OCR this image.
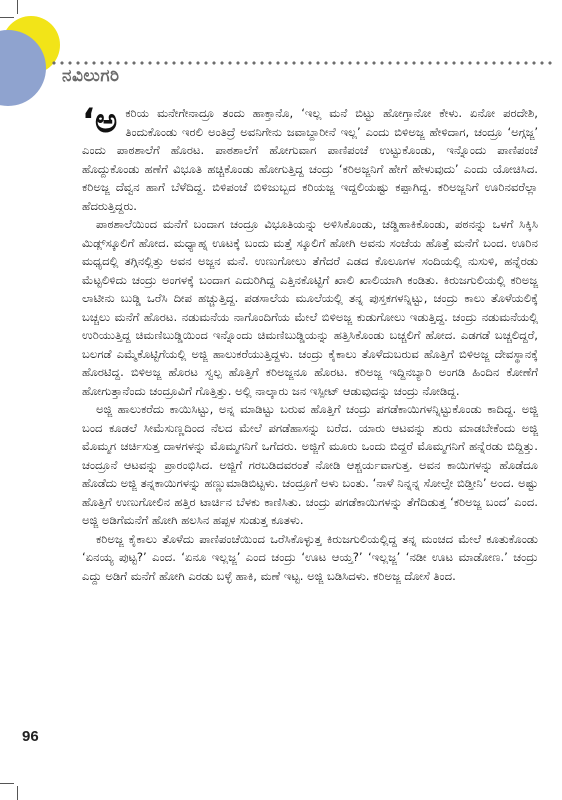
ನವಿಲುಗರಿ

‘ಅಕರಿಯ ಮನೇಗೇನಾದ್ರೂ ತಂದು ಹಾಕ್ತಾನೊ, ‘ಇಲ್ಲ ಮನೆ ಬಿಟ್ಟು ಹೋಗ್ತಾನೋ ಕೇಳು. ಏನೋ ಪರದೇಶಿ, ತಿಂದುಕೊಂಡು ಇರಲಿ ಅಂತಿದ್ರೆ ಅವನಿಗೇನು ಜವಾಬ್ದಾರೀನೆ ಇಲ್ಲ’ ಎಂದು ಬಿಳಿಅಜ್ಜ ಹೇಳಿದಾಗ, ಚಂದ್ರೂ ‘ಅಗ್ಗಜ್ಜ’ ಎಂದು ಪಾಠಶಾಲೆಗೆ ಹೊರಟ. ಪಾಠಶಾಲೆಗೆ ಹೋಗುವಾಗ ಪಾಣಿಪಂಚೆ ಉಟ್ಟುಕೊಂಡು, ಇನ್ನೊಂದು ಪಾಣಿಪಂಚೆ ಹೊದ್ದುಕೊಂಡು ಹಣೆಗೆ ವಿಭೂತಿ ಹಚ್ಚಿಕೊಂಡು ಹೋಗುತ್ತಿದ್ದ ಚಂದ್ರು ‘ಕರಿಅಜ್ಜನಿಗೆ ಹೇಗೆ ಹೇಳುವುದು’ ಎಂದು ಯೋಚಿಸಿದ. ಕರಿಅಜ್ಜ ದೆವ್ವನ ಹಾಗೆ ಬೆಳೆದಿದ್ದ. ಬಿಳಿಪಂಚೆ ಬಿಳಿಜುಬ್ಬದ ಕರಿಯಜ್ಜ ಇದ್ದಲಿಯಷ್ಟು ಕಪ್ಪಾಗಿದ್ದ. ಕರಿಅಜ್ಜನಿಗೆ ಊರಿನವರೆಲ್ಲಾ ಹೆದರುತ್ತಿದ್ದರು.

ಪಾಠಶಾಲೆಯಿಂದ ಮನೆಗೆ ಬಂದಾಗ ಚಂದ್ರೂ ವಿಭೂತಿಯನ್ನು ಅಳಿಸಿಕೊಂಡು, ಚಡ್ಡಿಹಾಕಿಕೊಂಡು, ಪಠನನ್ನು ಒಳಗೆ ಸಿಕ್ಕಿಸಿ ಮಿಡ್ಲ್‌ಸ್ಕೂಲಿಗೆ ಹೋದ. ಮಧ್ಯಾಹ್ನ ಊಟಕ್ಕೆ ಬಂದು ಮತ್ತೆ ಸ್ಕೂಲಿಗೆ ಹೋಗಿ ಅವನು ಸಂಜೆಯ ಹೊತ್ತೆ ಮನೆಗೆ ಬಂದ. ಊರಿನ ಮಧ್ಯದಲ್ಲಿ ತಗ್ಗಿನಲ್ಲಿತ್ತು ಅವನ ಅಜ್ಜನ ಮನೆ. ಉಣುಗೋಲು ತೆಗೆದರೆ ಎಡದ ಕೊಲೂಗಳ ಸಂದಿಯಲ್ಲಿ ನುಸುಳಿ, ಹನ್ನೆರಡು ಮೆಟ್ಟಲಿಳಿದು ಚಂದ್ರು ಅಂಗಳಕ್ಕೆ ಬಂದಾಗ ಎದುರಿಗಿದ್ದ ಎತ್ತಿನಕೊಟ್ಟಿಗೆ ಖಾಲಿ ಖಾಲಿಯಾಗಿ ಕಂಡಿತು. ಕಿರುಜಗುಲಿಯಲ್ಲಿ ಕರಿಅಜ್ಜ ಲಾಟೀನು ಬುಡ್ಡಿ ಒರೆಸಿ ದೀಪ ಹಚ್ಚುತ್ತಿದ್ದ. ಪಡಸಾಲೆಯ ಮೂಲೆಯಲ್ಲಿ ತನ್ನ ಪುಸ್ತಕಗಳನ್ನಿಟ್ಟು, ಚಂದ್ರು ಕಾಲು ತೊಳೆಯಲಿಕ್ಕೆ ಬಚ್ಚಲು ಮನೆಗೆ ಹೊರಟ. ನಡುಮನೆಯ ನಾಗೊಂದಿಗೆಯ ಮೇಲೆ ಬಿಳಿಅಜ್ಜ ಕುಡುಗೋಲು ಇಡುತ್ತಿದ್ದ. ಚಂದ್ರು ನಡುಮನೆಯಲ್ಲಿ ಉರಿಯುತ್ತಿದ್ದ ಚಿಮಣಿಬುಡ್ಡಿಯಿಂದ ಇನ್ನೊಂದು ಚಿಮಣಿಬುಡ್ಡಿಯನ್ನು ಹತ್ತಿಸಿಕೊಂಡು ಬಚ್ಚಲಿಗೆ ಹೋದ. ಎಡಗಡೆ ಬಚ್ಚಲಿದ್ದರೆ, ಬಲಗಡೆ ಎಮ್ಮೆಕೊಟ್ಟಿಗೆಯಲ್ಲಿ ಅಜ್ಜಿ ಹಾಲುಕರೆಯುತ್ತಿದ್ದಳು. ಚಂದ್ರು ಕೈಕಾಲು ತೊಳೆದುಬರುವ ಹೊತ್ತಿಗೆ ಬಿಳಿಅಜ್ಜ ದೇವಸ್ಥಾನಕ್ಕೆ ಹೊರಟಿದ್ದ. ಬಿಳಿಅಜ್ಜ ಹೊರಟ ಸ್ವಲ್ಪ ಹೊತ್ತಿಗೆ ಕರಿಅಜ್ಜನೂ ಹೊರಟ. ಕರಿಅಜ್ಜ ಇದ್ದಿನಬ್ಯಾರಿ ಅಂಗಡಿ ಹಿಂದಿನ ಕೋಣೆಗೆ ಹೋಗುತ್ತಾನೆಂದು ಚಂದ್ರೂವಿಗೆ ಗೊತ್ತಿತ್ತು. ಅಲ್ಲಿ ನಾಲ್ಕಾರು ಜನ ಇಸ್ಪೀಟ್ ಆಡುವುದನ್ನು ಚಂದ್ರು ನೋಡಿದ್ದ.

ಅಜ್ಜಿ ಹಾಲುಕರೆದು ಕಾಯಿಸಿಟ್ಟು, ಅನ್ನ ಮಾಡಿಟ್ಟು ಬರುವ ಹೊತ್ತಿಗೆ ಚಂದ್ರು ಪಗಡೆಕಾಯಿಗಳನ್ನಿಟ್ಟುಕೊಂಡು ಕಾದಿದ್ದ. ಅಜ್ಜಿ ಬಂದ ಕೂಡಲೆ ಸೀಮೆಸುಣ್ಣದಿಂದ ನೆಲದ ಮೇಲೆ ಪಗಡೆಹಾಸನ್ನು ಬರೆದ. ಯಾರು ಆಟವನ್ನು ಶುರು ಮಾಡಬೇಕೆಂದು ಅಜ್ಜಿ ಮೊಮ್ಮಗ ಚರ್ಚಿಸುತ್ತ ದಾಳಗಳನ್ನು ಮೊಮ್ಮಗನಿಗೆ ಒಗೆದರು. ಅಜ್ಜಿಗೆ ಮೂರು ಒಂದು ಬಿದ್ದರೆ ಮೊಮ್ಮಗನಿಗೆ ಹನ್ನೆರಡು ಬಿದ್ದಿತ್ತು. ಚಂದ್ರೂನೆ ಆಟವನ್ನು ಪ್ರಾರಂಭಿಸಿದ. ಅಜ್ಜಿಗೆ ಗರಬಡಿದವರಂತೆ ನೋಡಿ ಆಶ್ಚರ್ಯವಾಗುತ್ತ. ಅವನ ಕಾಯಿಗಳನ್ನು ಹೊಡೆದೂ ಹೊಡೆದು ಅಜ್ಜಿ ತನ್ನಕಾಯಿಗಳನ್ನು ಹಣ್ಣುಮಾಡಿಬಿಟ್ಟಳು. ಚಂದ್ರೂಗೆ ಅಳು ಬಂತು. ‘ನಾಳೆ ನಿನ್ನನ್ನ ಸೋಲ್ಸೇ ಬಿಡ್ತೀನಿ’ ಅಂದ. ಅಷ್ಟು ಹೊತ್ತಿಗೆ ಉಣುಗೋಲಿನ ಹತ್ತಿರ ಟಾರ್ಚಿನ ಬೆಳಕು ಕಾಣಿಸಿತು. ಚಂದ್ರು ಪಗಡೆಕಾಯಿಗಳನ್ನು ತೆಗೆದಿಡುತ್ತ ‘ಕರಿಅಜ್ಜ ಬಂದ’ ಎಂದ. ಅಜ್ಜಿ ಅಡಿಗೆಮನೆಗೆ ಹೋಗಿ ಹಲಸಿನ ಹಪ್ಪಳ ಸುಡುತ್ತ ಕೂತಳು.

ಕರಿಅಜ್ಜ ಕೈಕಾಲು ತೊಳೆದು ಪಾಣಿಪಂಚೆಯಿಂದ ಒರೆಸಿಕೊಳ್ಳುತ್ತ ಕಿರುಜಗುಲಿಯಲ್ಲಿದ್ದ ತನ್ನ ಮಂಚದ ಮೇಲೆ ಕೂತುಕೊಂಡು ‘ಏನಯ್ಯ ಪುಟ್ಟ?’ ಎಂದ. ‘ಏನೂ ಇಲ್ಲಜ್ಜ’ ಎಂದ ಚಂದ್ರು ‘ಊಟ ಆಯ್ತ?’ ‘ಇಲ್ಲಜ್ಜ’ ‘ನಡೀ ಊಟ ಮಾಡೋಣ.’ ಚಂದ್ರು ಎದ್ದು ಅಡಿಗೆ ಮನೆಗೆ ಹೋಗಿ ಎರಡು ಬಳ್ಳೆ ಹಾಕಿ, ಮಣೆ ಇಟ್ಟ. ಅಜ್ಜಿ ಬಡಿಸಿದಳು. ಕರಿಅಜ್ಜ ದೋಸೆ ತಿಂದ.

96
